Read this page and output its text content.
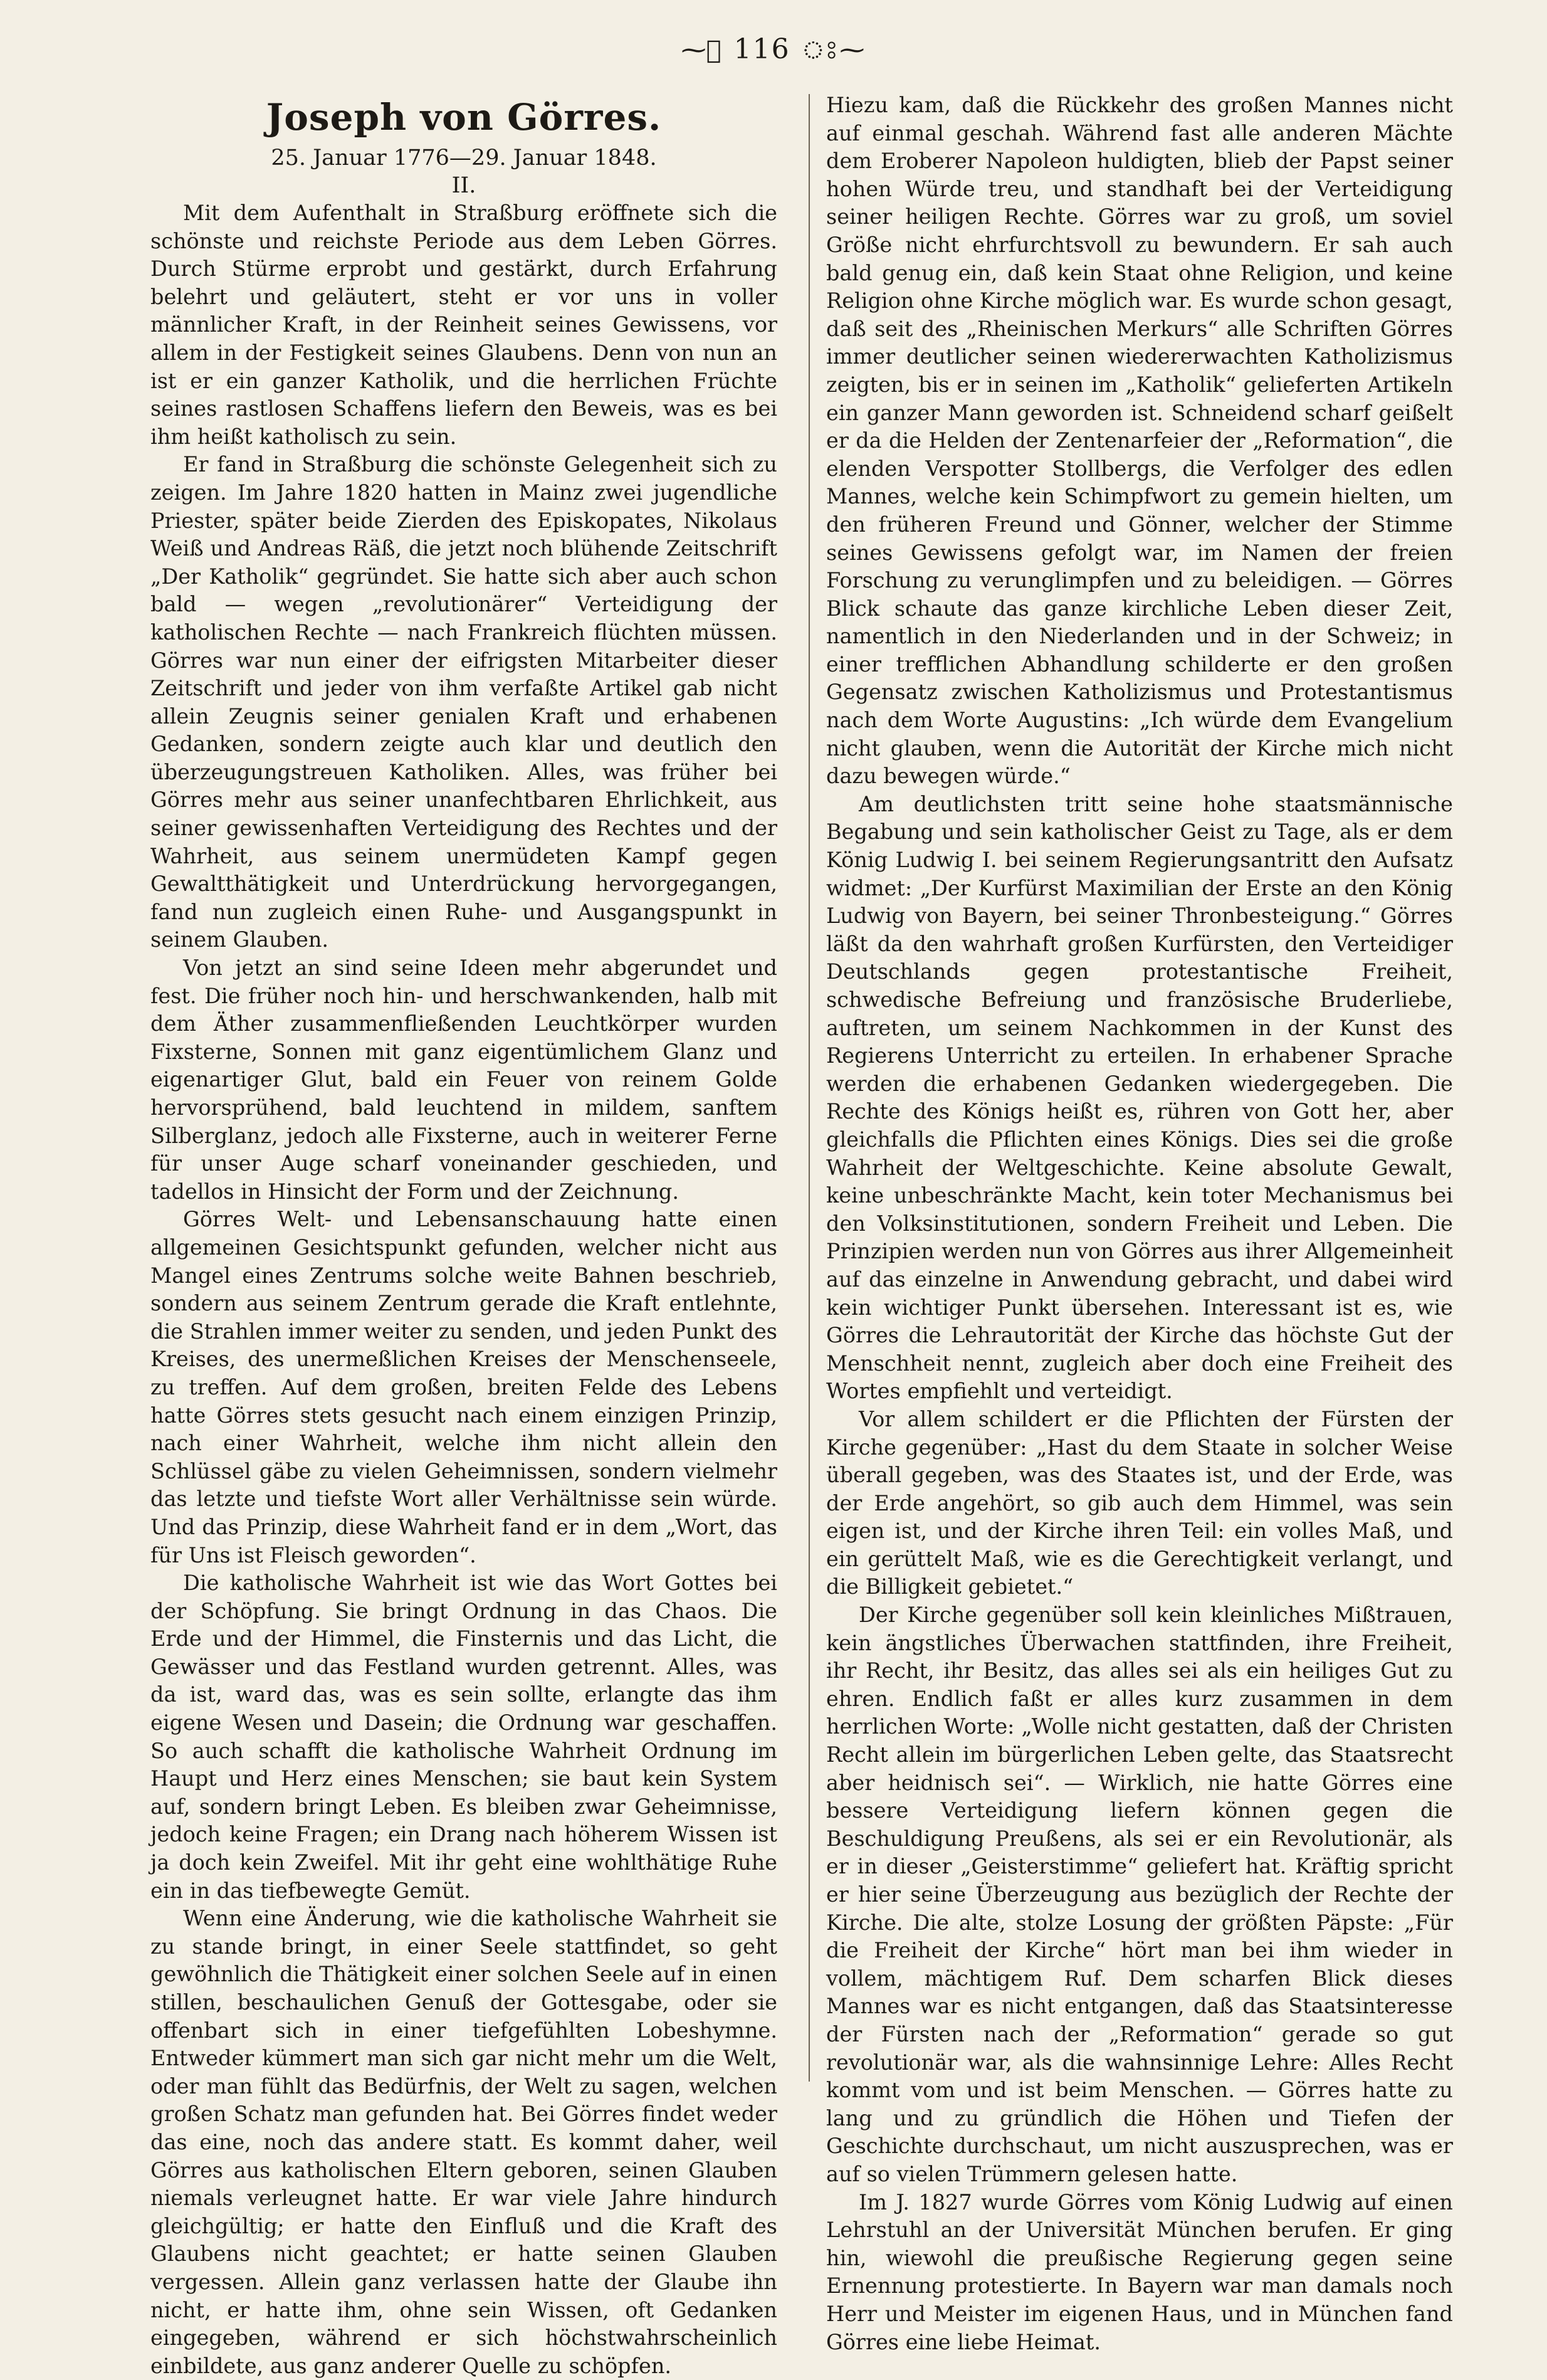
⁓ঃ 116 ঃ⁓
Joseph von Görres.

25. Januar 1776—29. Januar 1848.

II.

Mit dem Aufenthalt in Straßburg eröffnete sich die schönste und reichste Periode aus dem Leben Görres. Durch Stürme erprobt und gestärkt, durch Erfahrung belehrt und geläutert, steht er vor uns in voller männlicher Kraft, in der Reinheit seines Gewissens, vor allem in der Festigkeit seines Glaubens. Denn von nun an ist er ein ganzer Katholik, und die herrlichen Früchte seines rastlosen Schaffens liefern den Beweis, was es bei ihm heißt katholisch zu sein.

Er fand in Straßburg die schönste Gelegenheit sich zu zeigen. Im Jahre 1820 hatten in Mainz zwei jugendliche Priester, später beide Zierden des Episkopates, Nikolaus Weiß und Andreas Räß, die jetzt noch blühende Zeitschrift „Der Katholik“ gegründet. Sie hatte sich aber auch schon bald — wegen „revolutionärer“ Verteidigung der katholischen Rechte — nach Frankreich flüchten müssen. Görres war nun einer der eifrigsten Mitarbeiter dieser Zeitschrift und jeder von ihm verfaßte Artikel gab nicht allein Zeugnis seiner genialen Kraft und erhabenen Gedanken, sondern zeigte auch klar und deutlich den überzeugungstreuen Katholiken. Alles, was früher bei Görres mehr aus seiner unanfechtbaren Ehrlichkeit, aus seiner gewissenhaften Verteidigung des Rechtes und der Wahrheit, aus seinem unermüdeten Kampf gegen Gewaltthätigkeit und Unterdrückung hervorgegangen, fand nun zugleich einen Ruhe- und Ausgangspunkt in seinem Glauben.

Von jetzt an sind seine Ideen mehr abgerundet und fest. Die früher noch hin- und herschwankenden, halb mit dem Äther zusammenfließenden Leuchtkörper wurden Fixsterne, Sonnen mit ganz eigentümlichem Glanz und eigenartiger Glut, bald ein Feuer von reinem Golde hervorsprühend, bald leuchtend in mildem, sanftem Silberglanz, jedoch alle Fixsterne, auch in weiterer Ferne für unser Auge scharf voneinander geschieden, und tadellos in Hinsicht der Form und der Zeichnung.

Görres Welt- und Lebensanschauung hatte einen allgemeinen Gesichtspunkt gefunden, welcher nicht aus Mangel eines Zentrums solche weite Bahnen beschrieb, sondern aus seinem Zentrum gerade die Kraft entlehnte, die Strahlen immer weiter zu senden, und jeden Punkt des Kreises, des unermeßlichen Kreises der Menschenseele, zu treffen. Auf dem großen, breiten Felde des Lebens hatte Görres stets gesucht nach einem einzigen Prinzip, nach einer Wahrheit, welche ihm nicht allein den Schlüssel gäbe zu vielen Geheimnissen, sondern vielmehr das letzte und tiefste Wort aller Verhältnisse sein würde. Und das Prinzip, diese Wahrheit fand er in dem „Wort, das für Uns ist Fleisch geworden“.

Die katholische Wahrheit ist wie das Wort Gottes bei der Schöpfung. Sie bringt Ordnung in das Chaos. Die Erde und der Himmel, die Finsternis und das Licht, die Gewässer und das Festland wurden getrennt. Alles, was da ist, ward das, was es sein sollte, erlangte das ihm eigene Wesen und Dasein; die Ordnung war geschaffen. So auch schafft die katholische Wahrheit Ordnung im Haupt und Herz eines Menschen; sie baut kein System auf, sondern bringt Leben. Es bleiben zwar Geheimnisse, jedoch keine Fragen; ein Drang nach höherem Wissen ist ja doch kein Zweifel. Mit ihr geht eine wohlthätige Ruhe ein in das tiefbewegte Gemüt.

Wenn eine Änderung, wie die katholische Wahrheit sie zu stande bringt, in einer Seele stattfindet, so geht gewöhnlich die Thätigkeit einer solchen Seele auf in einen stillen, beschaulichen Genuß der Gottesgabe, oder sie offenbart sich in einer tiefgefühlten Lobeshymne. Entweder kümmert man sich gar nicht mehr um die Welt, oder man fühlt das Bedürfnis, der Welt zu sagen, welchen großen Schatz man gefunden hat. Bei Görres findet weder das eine, noch das andere statt. Es kommt daher, weil Görres aus katholischen Eltern geboren, seinen Glauben niemals verleugnet hatte. Er war viele Jahre hindurch gleichgültig; er hatte den Einfluß und die Kraft des Glaubens nicht geachtet; er hatte seinen Glauben vergessen. Allein ganz verlassen hatte der Glaube ihn nicht, er hatte ihm, ohne sein Wissen, oft Gedanken eingegeben, während er sich höchstwahrscheinlich einbildete, aus ganz anderer Quelle zu schöpfen.

Hiezu kam, daß die Rückkehr des großen Mannes nicht auf einmal geschah. Während fast alle anderen Mächte dem Eroberer Napoleon huldigten, blieb der Papst seiner hohen Würde treu, und standhaft bei der Verteidigung seiner heiligen Rechte. Görres war zu groß, um soviel Größe nicht ehrfurchtsvoll zu bewundern. Er sah auch bald genug ein, daß kein Staat ohne Religion, und keine Religion ohne Kirche möglich war. Es wurde schon gesagt, daß seit des „Rheinischen Merkurs“ alle Schriften Görres immer deutlicher seinen wiedererwachten Katholizismus zeigten, bis er in seinen im „Katholik“ gelieferten Artikeln ein ganzer Mann geworden ist. Schneidend scharf geißelt er da die Helden der Zentenarfeier der „Reformation“, die elenden Verspotter Stollbergs, die Verfolger des edlen Mannes, welche kein Schimpfwort zu gemein hielten, um den früheren Freund und Gönner, welcher der Stimme seines Gewissens gefolgt war, im Namen der freien Forschung zu verunglimpfen und zu beleidigen. — Görres Blick schaute das ganze kirchliche Leben dieser Zeit, namentlich in den Niederlanden und in der Schweiz; in einer trefflichen Abhandlung schilderte er den großen Gegensatz zwischen Katholizismus und Protestantismus nach dem Worte Augustins: „Ich würde dem Evangelium nicht glauben, wenn die Autorität der Kirche mich nicht dazu bewegen würde.“

Am deutlichsten tritt seine hohe staatsmännische Begabung und sein katholischer Geist zu Tage, als er dem König Ludwig I. bei seinem Regierungsantritt den Aufsatz widmet: „Der Kurfürst Maximilian der Erste an den König Ludwig von Bayern, bei seiner Thronbesteigung.“ Görres läßt da den wahrhaft großen Kurfürsten, den Verteidiger Deutschlands gegen protestantische Freiheit, schwedische Befreiung und französische Bruderliebe, auftreten, um seinem Nachkommen in der Kunst des Regierens Unterricht zu erteilen. In erhabener Sprache werden die erhabenen Gedanken wiedergegeben. Die Rechte des Königs heißt es, rühren von Gott her, aber gleichfalls die Pflichten eines Königs. Dies sei die große Wahrheit der Weltgeschichte. Keine absolute Gewalt, keine unbeschränkte Macht, kein toter Mechanismus bei den Volksinstitutionen, sondern Freiheit und Leben. Die Prinzipien werden nun von Görres aus ihrer Allgemeinheit auf das einzelne in Anwendung gebracht, und dabei wird kein wichtiger Punkt übersehen. Interessant ist es, wie Görres die Lehrautorität der Kirche das höchste Gut der Menschheit nennt, zugleich aber doch eine Freiheit des Wortes empfiehlt und verteidigt.

Vor allem schildert er die Pflichten der Fürsten der Kirche gegenüber: „Hast du dem Staate in solcher Weise überall gegeben, was des Staates ist, und der Erde, was der Erde angehört, so gib auch dem Himmel, was sein eigen ist, und der Kirche ihren Teil: ein volles Maß, und ein gerüttelt Maß, wie es die Gerechtigkeit verlangt, und die Billigkeit gebietet.“

Der Kirche gegenüber soll kein kleinliches Mißtrauen, kein ängstliches Überwachen stattfinden, ihre Freiheit, ihr Recht, ihr Besitz, das alles sei als ein heiliges Gut zu ehren. Endlich faßt er alles kurz zusammen in dem herrlichen Worte: „Wolle nicht gestatten, daß der Christen Recht allein im bürgerlichen Leben gelte, das Staatsrecht aber heidnisch sei“. — Wirklich, nie hatte Görres eine bessere Verteidigung liefern können gegen die Beschuldigung Preußens, als sei er ein Revolutionär, als er in dieser „Geisterstimme“ geliefert hat. Kräftig spricht er hier seine Überzeugung aus bezüglich der Rechte der Kirche. Die alte, stolze Losung der größten Päpste: „Für die Freiheit der Kirche“ hört man bei ihm wieder in vollem, mächtigem Ruf. Dem scharfen Blick dieses Mannes war es nicht entgangen, daß das Staatsinteresse der Fürsten nach der „Reformation“ gerade so gut revolutionär war, als die wahnsinnige Lehre: Alles Recht kommt vom und ist beim Menschen. — Görres hatte zu lang und zu gründlich die Höhen und Tiefen der Geschichte durchschaut, um nicht auszusprechen, was er auf so vielen Trümmern gelesen hatte.

Im J. 1827 wurde Görres vom König Ludwig auf einen Lehrstuhl an der Universität München berufen. Er ging hin, wiewohl die preußische Regierung gegen seine Ernennung protestierte. In Bayern war man damals noch Herr und Meister im eigenen Haus, und in München fand Görres eine liebe Heimat.
